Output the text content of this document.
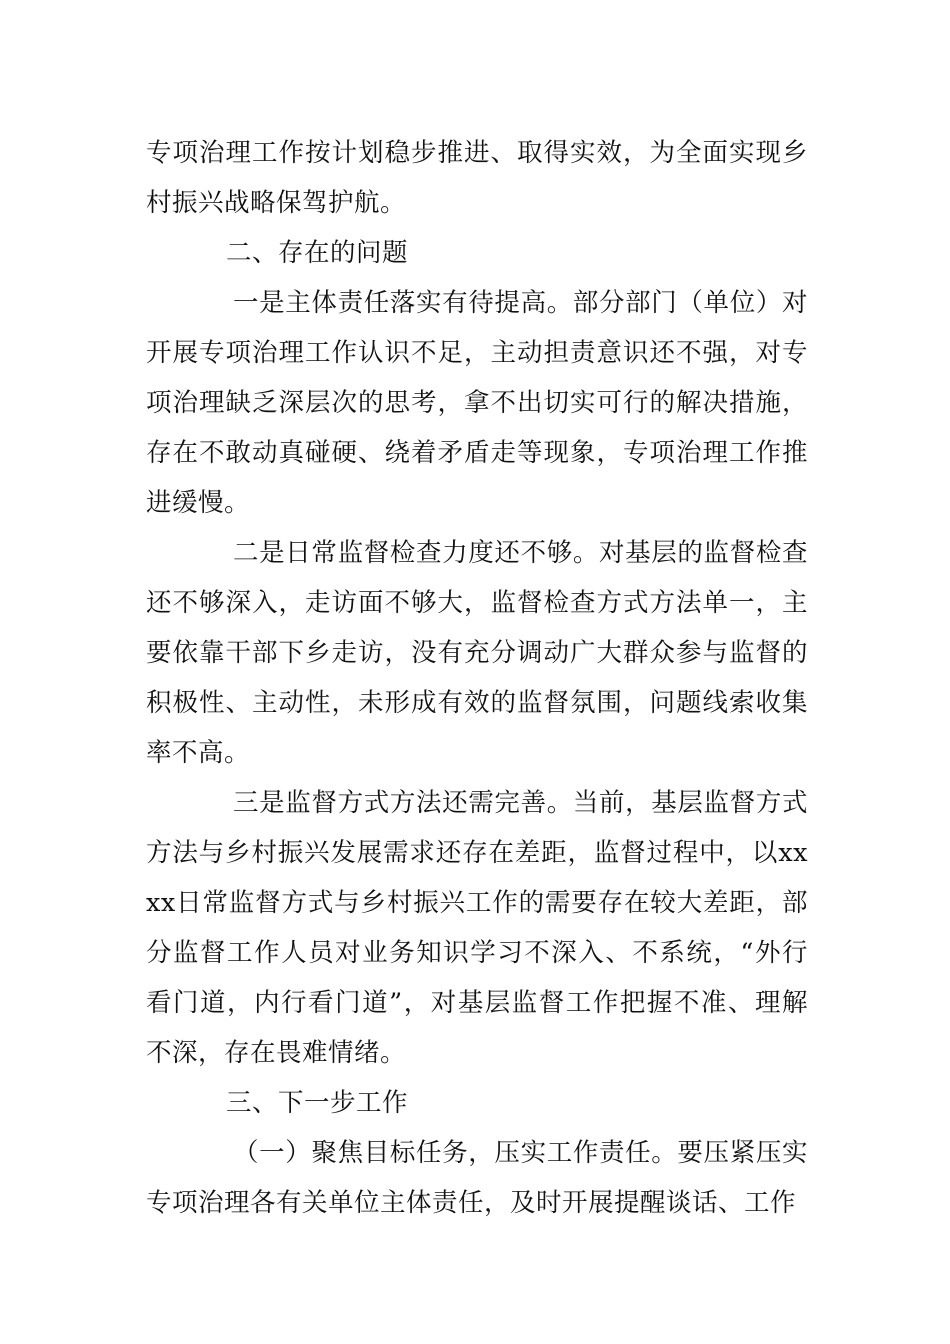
专项治理工作按计划稳步推进、取得实效，为全面实现乡村振兴战略保驾护航。

二、存在的问题

一是主体责任落实有待提高。部分部门（单位）对开展专项治理工作认识不足，主动担责意识还不强，对专项治理缺乏深层次的思考，拿不出切实可行的解决措施，存在不敢动真碰硬、绕着矛盾走等现象，专项治理工作推进缓慢。

二是日常监督检查力度还不够。对基层的监督检查还不够深入，走访面不够大，监督检查方式方法单一，主要依靠干部下乡走访，没有充分调动广大群众参与监督的积极性、主动性，未形成有效的监督氛围，问题线索收集率不高。

三是监督方式方法还需完善。当前，基层监督方式方法与乡村振兴发展需求还存在差距，监督过程中，以xxxx日常监督方式与乡村振兴工作的需要存在较大差距，部分监督工作人员对业务知识学习不深入、不系统，“外行看门道，内行看门道”，对基层监督工作把握不准、理解不深，存在畏难情绪。

三、下一步工作

（一）聚焦目标任务，压实工作责任。要压紧压实专项治理各有关单位主体责任，及时开展提醒谈话、工作
